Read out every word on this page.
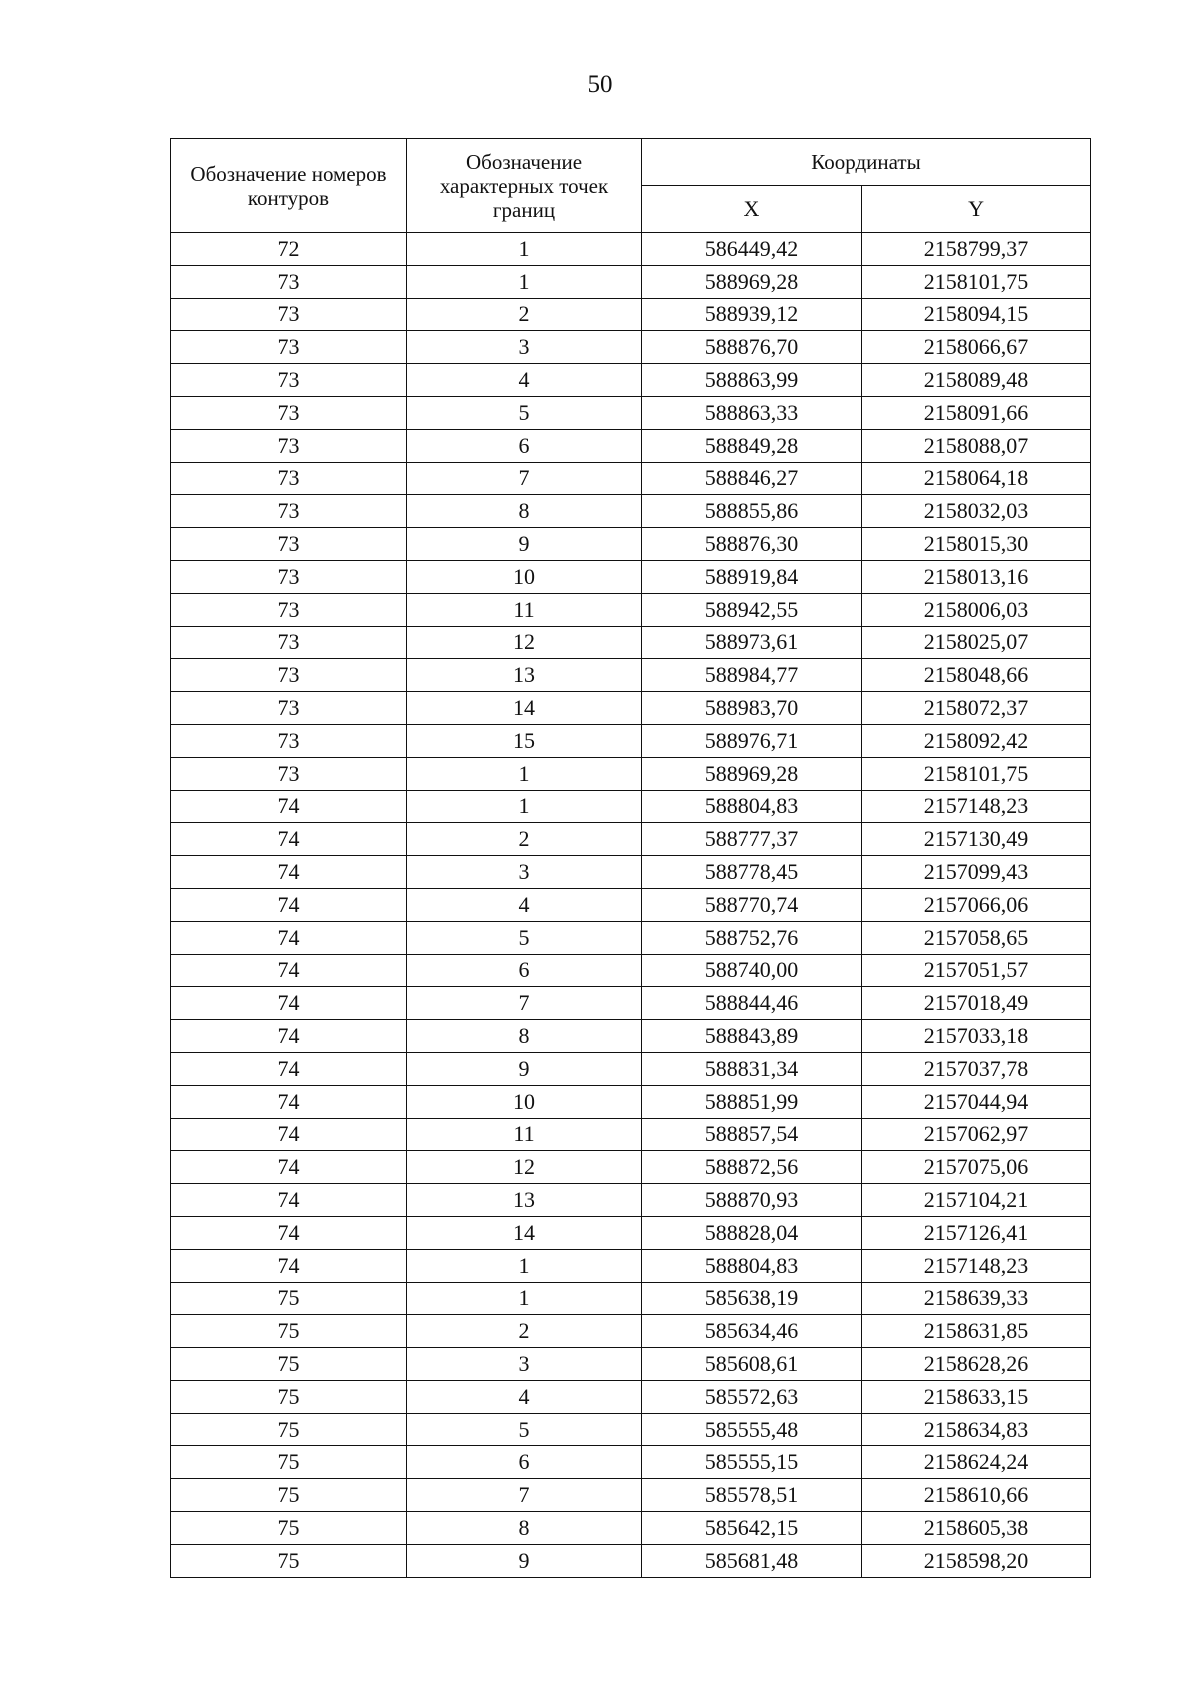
50
Обозначение номеров контуров	Обозначение характерных точек границ	Координаты	
		X	Y
72	1	586449,42	2158799,37
73	1	588969,28	2158101,75
73	2	588939,12	2158094,15
73	3	588876,70	2158066,67
73	4	588863,99	2158089,48
73	5	588863,33	2158091,66
73	6	588849,28	2158088,07
73	7	588846,27	2158064,18
73	8	588855,86	2158032,03
73	9	588876,30	2158015,30
73	10	588919,84	2158013,16
73	11	588942,55	2158006,03
73	12	588973,61	2158025,07
73	13	588984,77	2158048,66
73	14	588983,70	2158072,37
73	15	588976,71	2158092,42
73	1	588969,28	2158101,75
74	1	588804,83	2157148,23
74	2	588777,37	2157130,49
74	3	588778,45	2157099,43
74	4	588770,74	2157066,06
74	5	588752,76	2157058,65
74	6	588740,00	2157051,57
74	7	588844,46	2157018,49
74	8	588843,89	2157033,18
74	9	588831,34	2157037,78
74	10	588851,99	2157044,94
74	11	588857,54	2157062,97
74	12	588872,56	2157075,06
74	13	588870,93	2157104,21
74	14	588828,04	2157126,41
74	1	588804,83	2157148,23
75	1	585638,19	2158639,33
75	2	585634,46	2158631,85
75	3	585608,61	2158628,26
75	4	585572,63	2158633,15
75	5	585555,48	2158634,83
75	6	585555,15	2158624,24
75	7	585578,51	2158610,66
75	8	585642,15	2158605,38
75	9	585681,48	2158598,20
